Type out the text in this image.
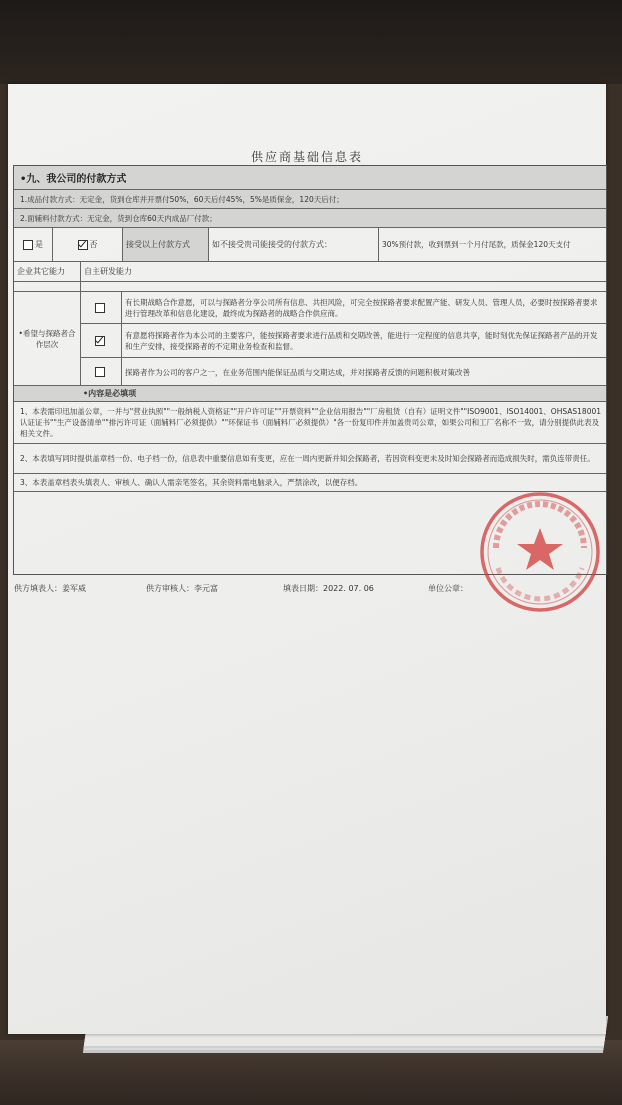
供应商基础信息表
•九、我公司的付款方式
1.成品付款方式：无定金，货到仓库并开票付50%，60天后付45%，5%是质保金，120天后付；
2.面辅料付款方式：无定金，货到仓库60天内成品厂付款；
是	否	接受以上付款方式	如不接受贵司能接受的付款方式：	30%预付款，收到票到一个月付尾款，质保金120天支付
企业其它能力	自主研发能力
•希望与探路者合作层次
有长期战略合作意愿，可以与探路者分享公司所有信息、共担风险，可完全按探路者要求配置产能、研发人员、管理人员，必要时按探路者要求进行管理改革和信息化建设，最终成为探路者的战略合作供应商。
有意愿将探路者作为本公司的主要客户，能按探路者要求进行品质和交期改善，能进行一定程度的信息共享，能时刻优先保证探路者产品的开发和生产安排，接受探路者的不定期业务检查和监督。
探路者作为公司的客户之一，在业务范围内能保证品质与交期达成，并对探路者反馈的问题积极对策改善
•内容是必填项
1、本表需印迅加盖公章，一并与"营业执照""一般纳税人资格证""开户许可证""开票资料""企业信用报告""厂房租赁（自有）证明文件""ISO9001、ISO14001、OHSAS18001认证证书""生产设备清单""排污许可证（面辅料厂必须提供）""环保证书（面辅料厂必须提供）"各一份复印件并加盖贵司公章，如果公司和工厂名称不一致，请分别提供此表及相关文件。
2、本表填写同时提供盖章档一份、电子档一份，信息表中重要信息如有变更，应在一周内更新并知会探路者，若因资料变更未及时知会探路者而造成损失时，需负连带责任。
3、本表盖章档表头填表人、审核人、确认人需亲笔签名，其余资料需电脑录入，严禁涂改，以便存档。
供方填表人：姜军威	供方审核人：李元富	填表日期：2022. 07. 06	单位公章：
